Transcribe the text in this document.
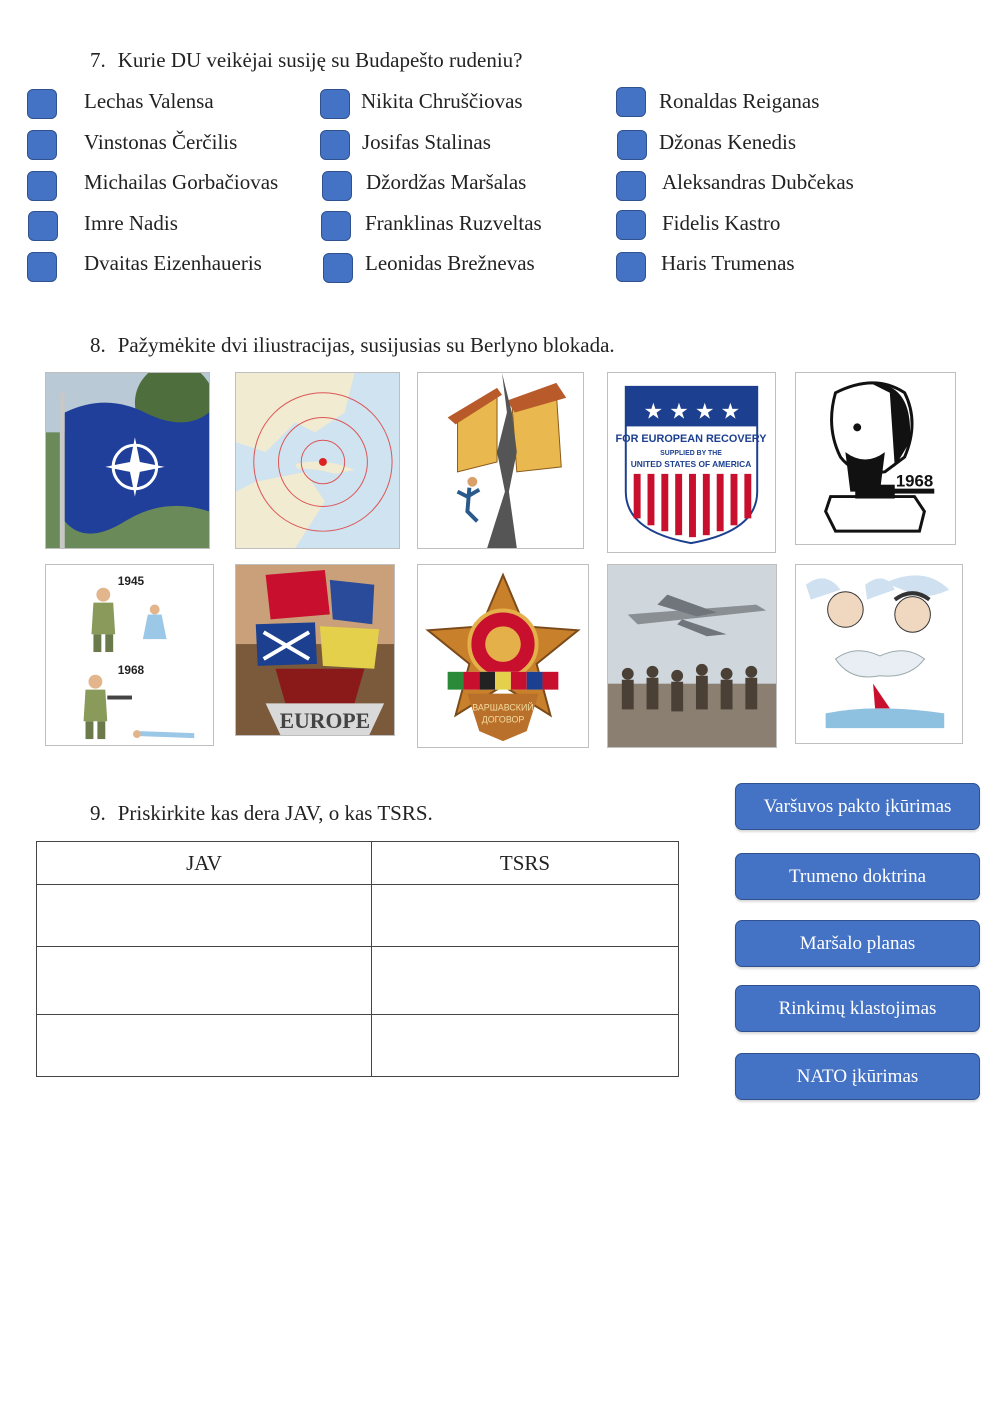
7. Kurie DU veikėjai susiję su Budapešto rudeniu?
Lechas Valensa	Nikita Chruščiovas	Ronaldas Reiganas
Vinstonas Čerčilis	Josifas Stalinas	Džonas Kenedis
Michailas Gorbačiovas	Džordžas Maršalas	Aleksandras Dubčekas
Imre Nadis	Franklinas Ruzveltas	Fidelis Kastro
Dvaitas Eizenhaueris	Leonidas Brežnevas	Haris Trumenas
8. Pažymėkite dvi iliustracijas, susijusias su Berlyno blokada.
★ ★ ★ ★
FOR EUROPEAN RECOVERY
SUPPLIED BY THE
UNITED STATES OF AMERICA
1968
1945
1968
EUROPE
ВАРШАВСКИЙ
ДОГОВОР
9. Priskirkite kas dera JAV, o kas TSRS.
JAV	TSRS

Varšuvos pakto įkūrimas
Trumeno doktrina
Maršalo planas
Rinkimų klastojimas
NATO įkūrimas
